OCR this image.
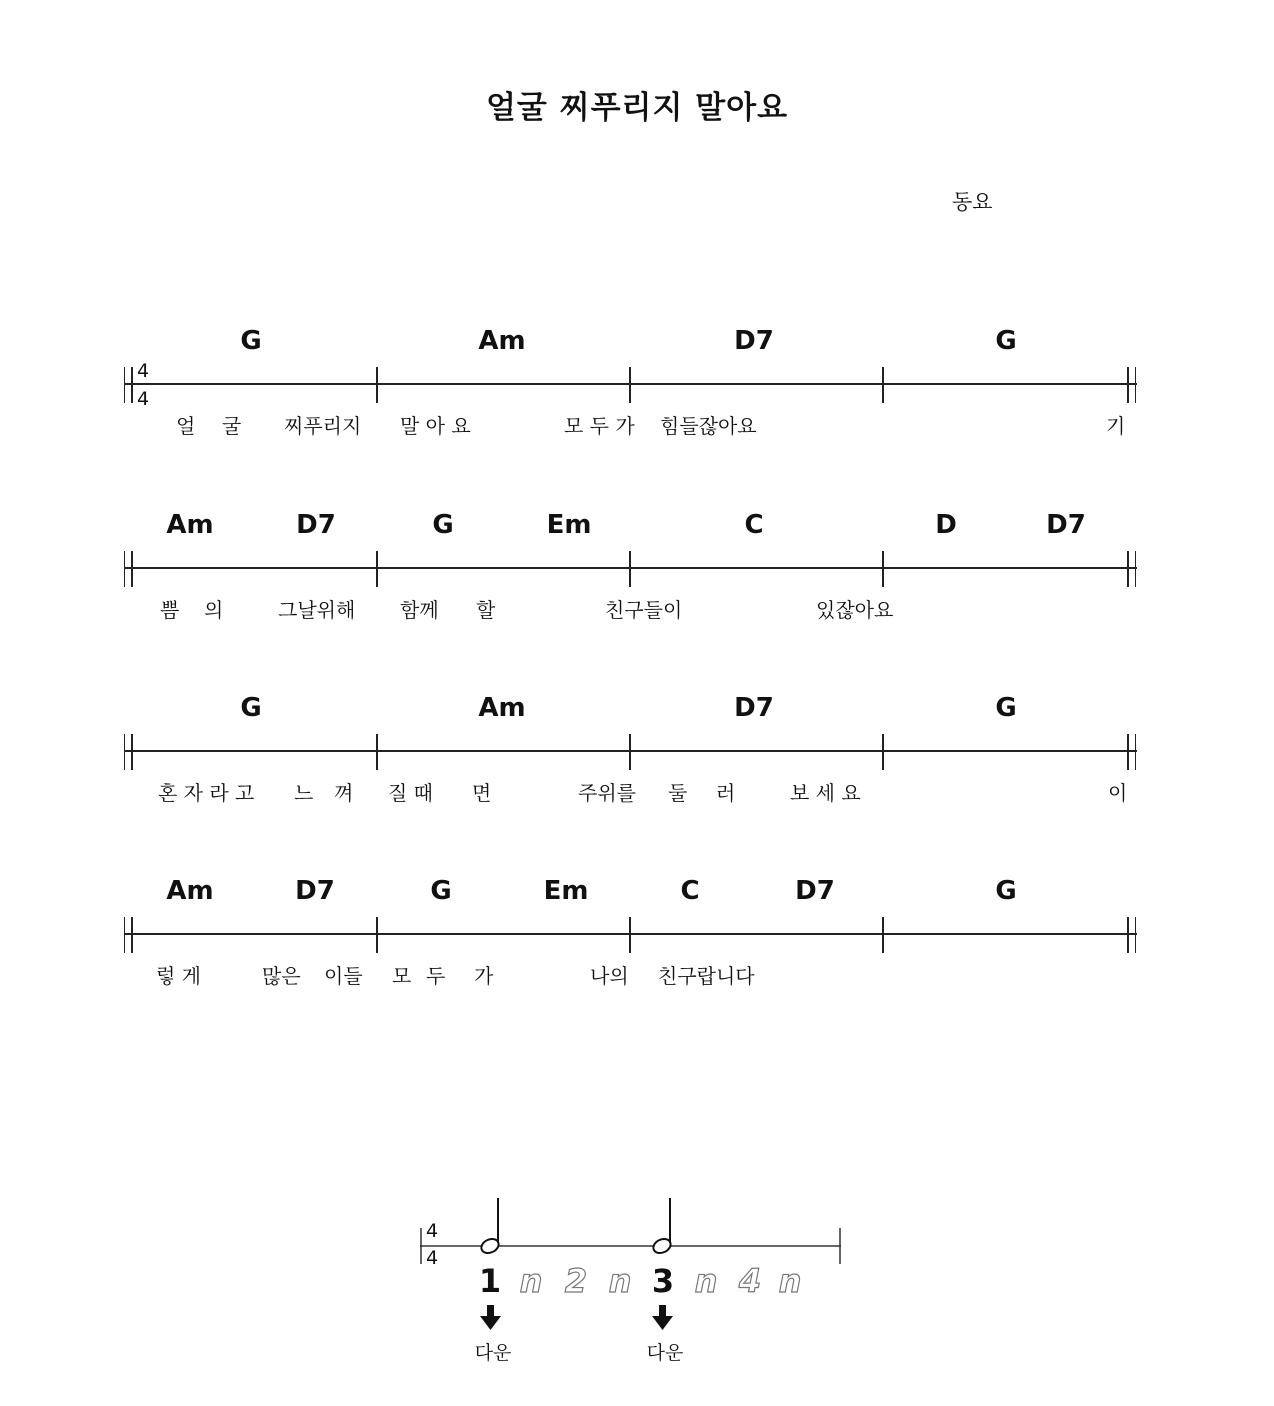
얼굴 찌푸리지 말아요
동요
G	Am	D7	G
4
4
얼 굴 찌푸리지 말 아 요	모 두 가 힘들잖아요	기
Am	D7	G	Em	C	D	D7
쁨 의	그날위해 함께 할	친구들이	있잖아요
G	Am	D7	G
혼 자 라 고 느 껴 질 때 면	주위를 둘 러	보 세 요	이
Am	D7	G	Em	C	D7	G
렇 게	많은 이들 모 두 가	나의 친구랍니다
4
4
1 n 2 n 3 n 4 n
다운	다운
